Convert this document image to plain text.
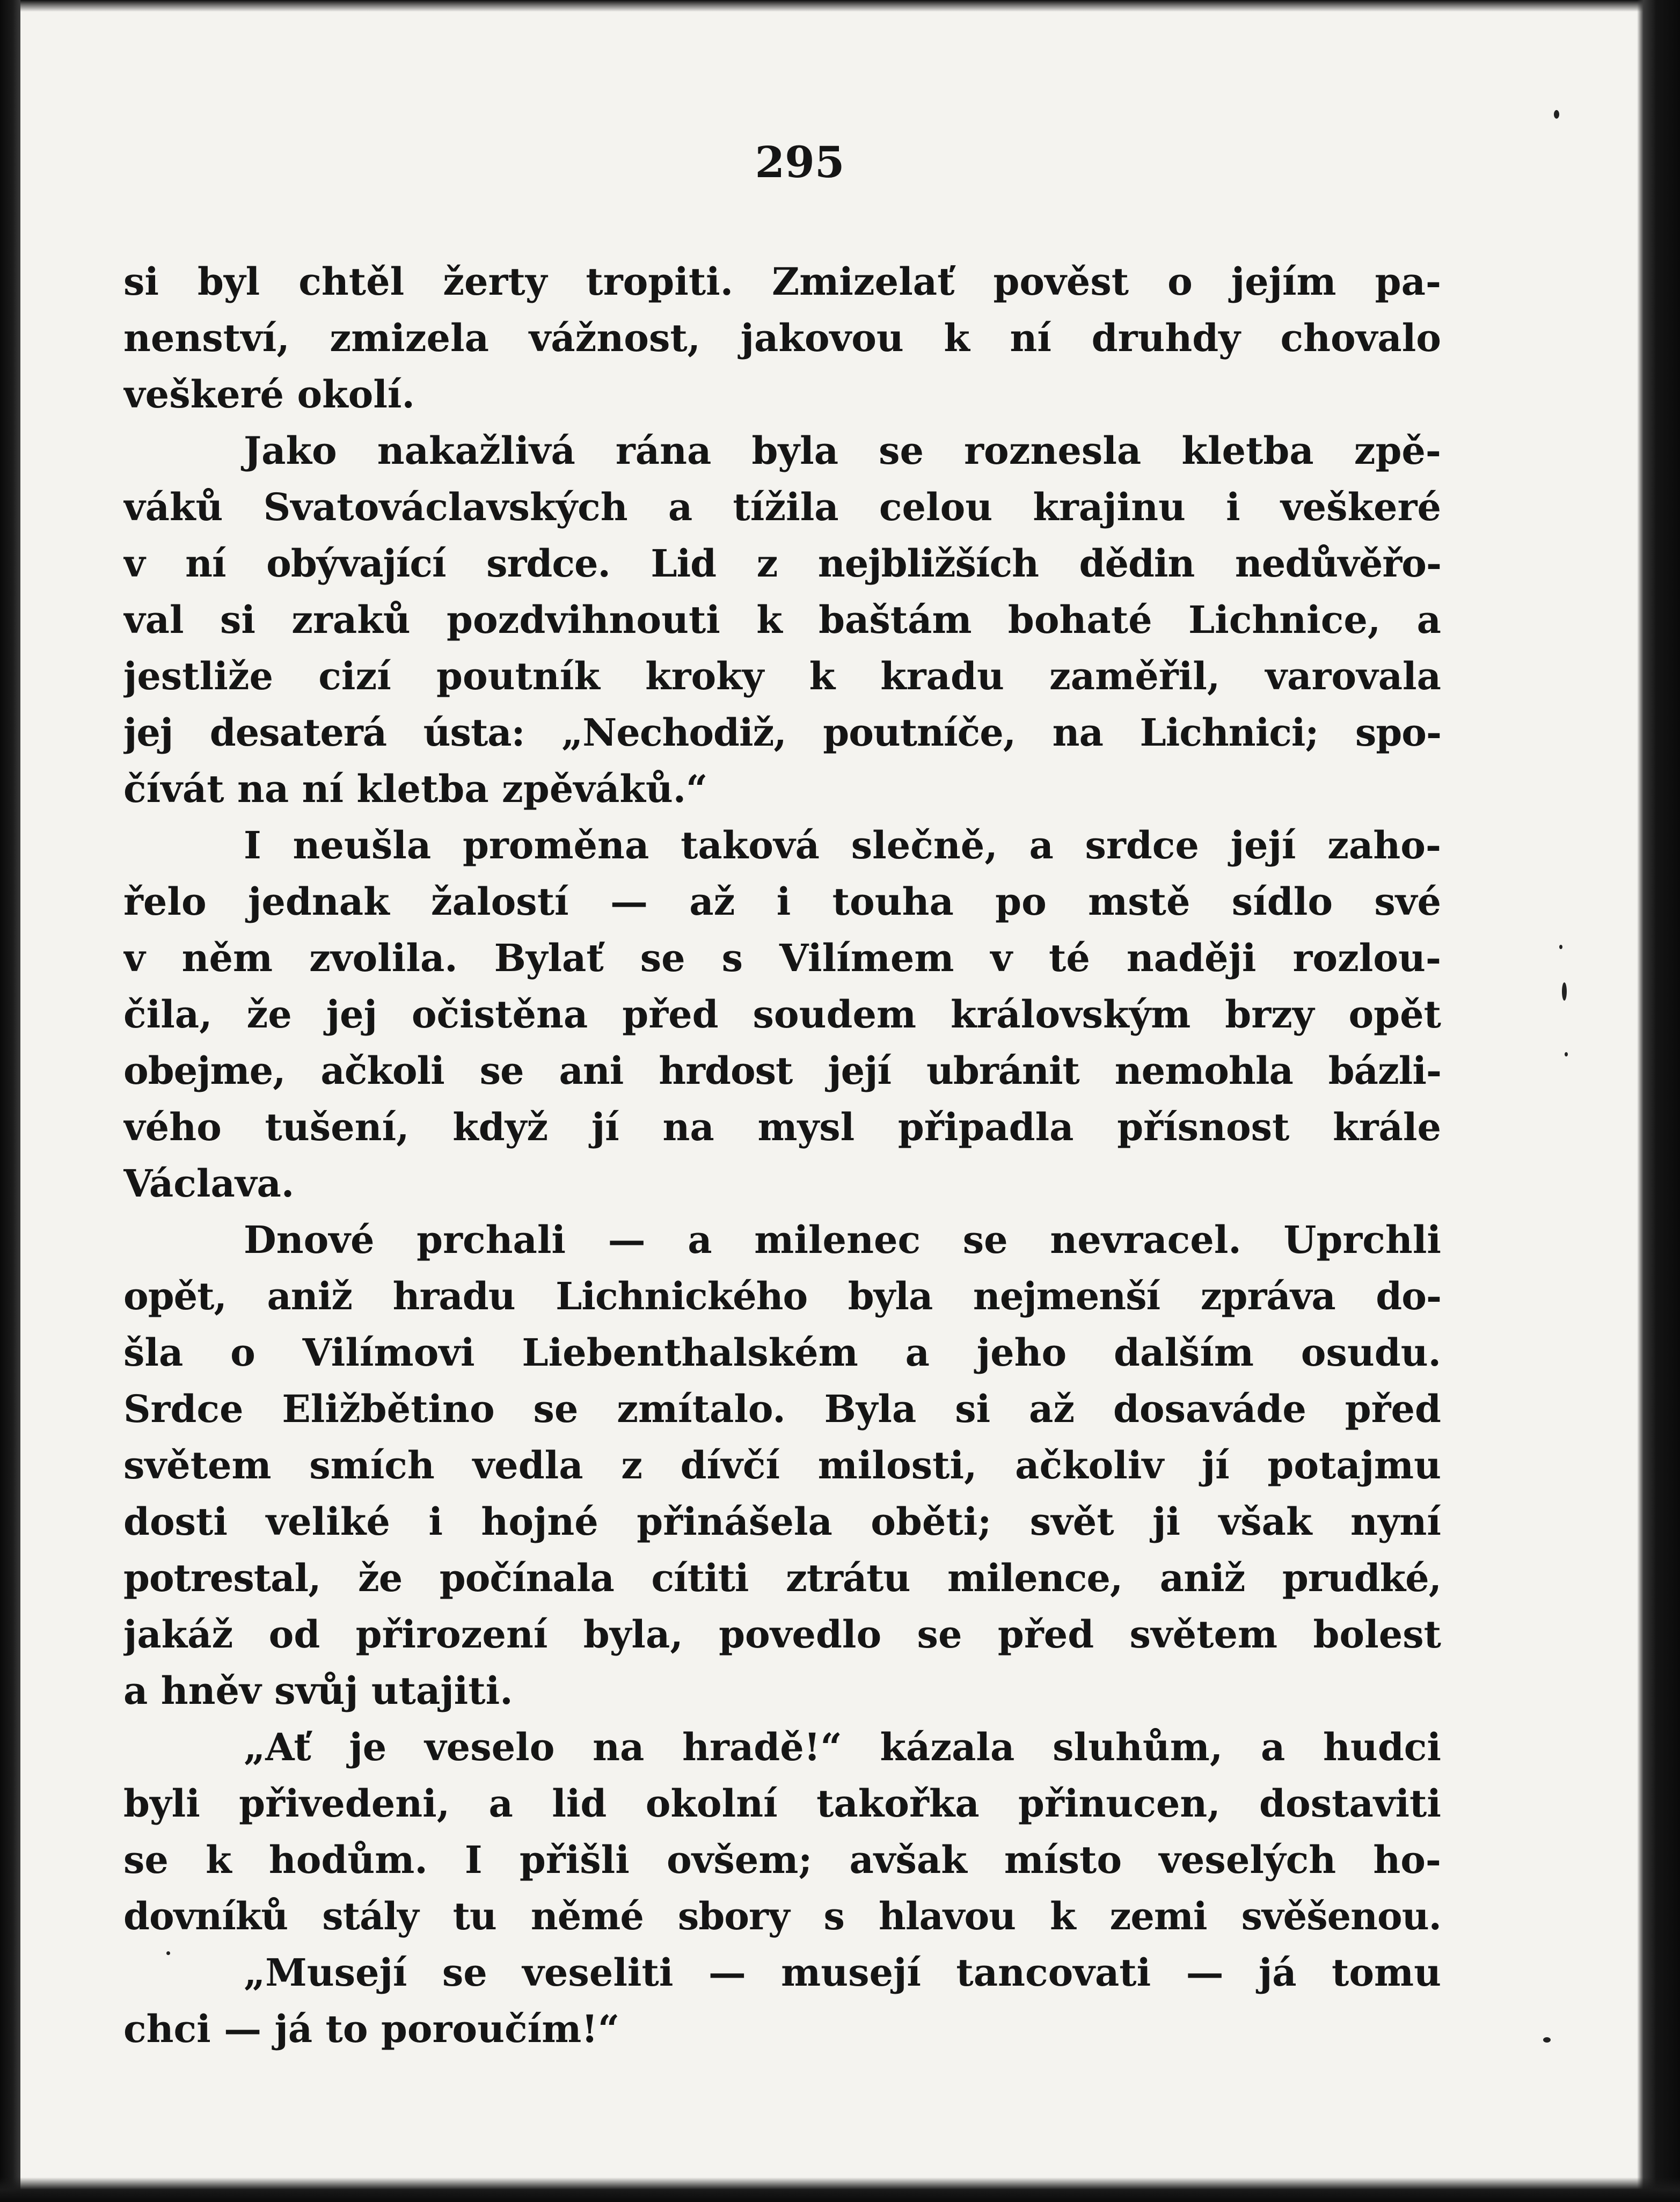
295
si byl chtěl žerty tropiti. Zmizelať pověst o jejím pa-
nenství, zmizela vážnost, jakovou k ní druhdy chovalo
veškeré okolí.
Jako nakažlivá rána byla se roznesla kletba zpě-
váků Svatováclavských a tížila celou krajinu i veškeré
v ní obývající srdce. Lid z nejbližších dědin nedůvěřo-
val si zraků pozdvihnouti k baštám bohaté Lichnice, a
jestliže cizí poutník kroky k kradu zaměřil, varovala
jej desaterá ústa: „Nechodiž, poutníče, na Lichnici; spo-
čívát na ní kletba zpěváků.“
I neušla proměna taková slečně, a srdce její zaho-
řelo jednak žalostí — až i touha po mstě sídlo své
v něm zvolila. Bylať se s Vilímem v té naději rozlou-
čila, že jej očistěna před soudem královským brzy opět
obejme, ačkoli se ani hrdost její ubránit nemohla bázli-
vého tušení, když jí na mysl připadla přísnost krále
Václava.
Dnové prchali — a milenec se nevracel. Uprchli
opět, aniž hradu Lichnického byla nejmenší zpráva do-
šla o Vilímovi Liebenthalském a jeho dalším osudu.
Srdce Eližbětino se zmítalo. Byla si až dosaváde před
světem smích vedla z dívčí milosti, ačkoliv jí potajmu
dosti veliké i hojné přinášela oběti; svět ji však nyní
potrestal, že počínala cítiti ztrátu milence, aniž prudké,
jakáž od přirození byla, povedlo se před světem bolest
a hněv svůj utajiti.
„Ať je veselo na hradě!“ kázala sluhům, a hudci
byli přivedeni, a lid okolní takořka přinucen, dostaviti
se k hodům. I přišli ovšem; avšak místo veselých ho-
dovníků stály tu němé sbory s hlavou k zemi svěšenou.
„Musejí se veseliti — musejí tancovati — já tomu
chci — já to poroučím!“
